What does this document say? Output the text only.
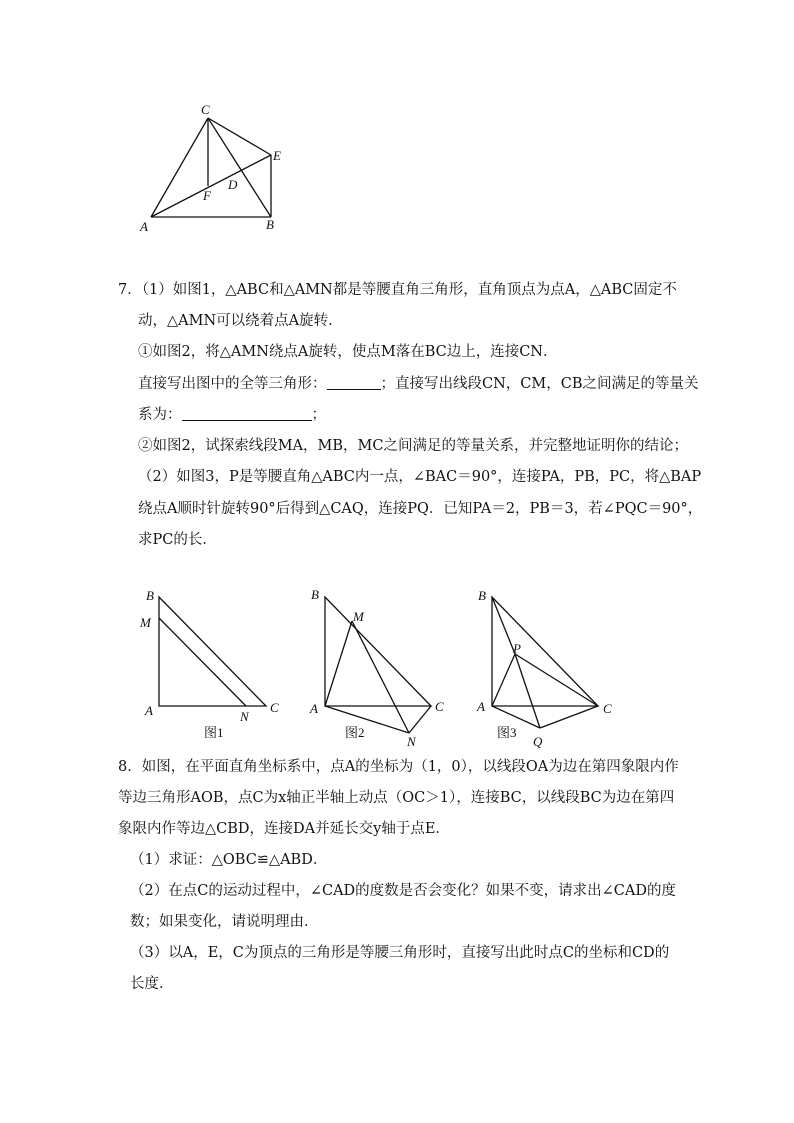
C
E
D
F
A	B
7．（1）如图1，△ABC和△AMN都是等腰直角三角形，直角顶点为点A，△ABC固定不
动，△AMN可以绕着点A旋转．
①如图2，将△AMN绕点A旋转，使点M落在BC边上，连接CN．
直接写出图中的全等三角形：	；直接写出线段CN，CM，CB之间满足的等量关
系为：	；
②如图2，试探索线段MA，MB，MC之间满足的等量关系，并完整地证明你的结论；
（2）如图3，P是等腰直角△ABC内一点，∠BAC＝90°，连接PA，PB，PC，将△BAP
绕点A顺时针旋转90°后得到△CAQ，连接PQ．已知PA＝2，PB＝3，若∠PQC＝90°，
求PC的长．
B
M
A	N
C
图1
B
M
A	C
N
图2
B
P
A	C
Q
图3
8．如图，在平面直角坐标系中，点A的坐标为（1，0），以线段OA为边在第四象限内作
等边三角形AOB，点C为x轴正半轴上动点（OC＞1），连接BC，以线段BC为边在第四
象限内作等边△CBD，连接DA并延长交y轴于点E．
（1）求证：△OBC≌△ABD．
（2）在点C的运动过程中，∠CAD的度数是否会变化？如果不变，请求出∠CAD的度
数；如果变化，请说明理由．
（3）以A，E，C为顶点的三角形是等腰三角形时，直接写出此时点C的坐标和CD的
长度．
